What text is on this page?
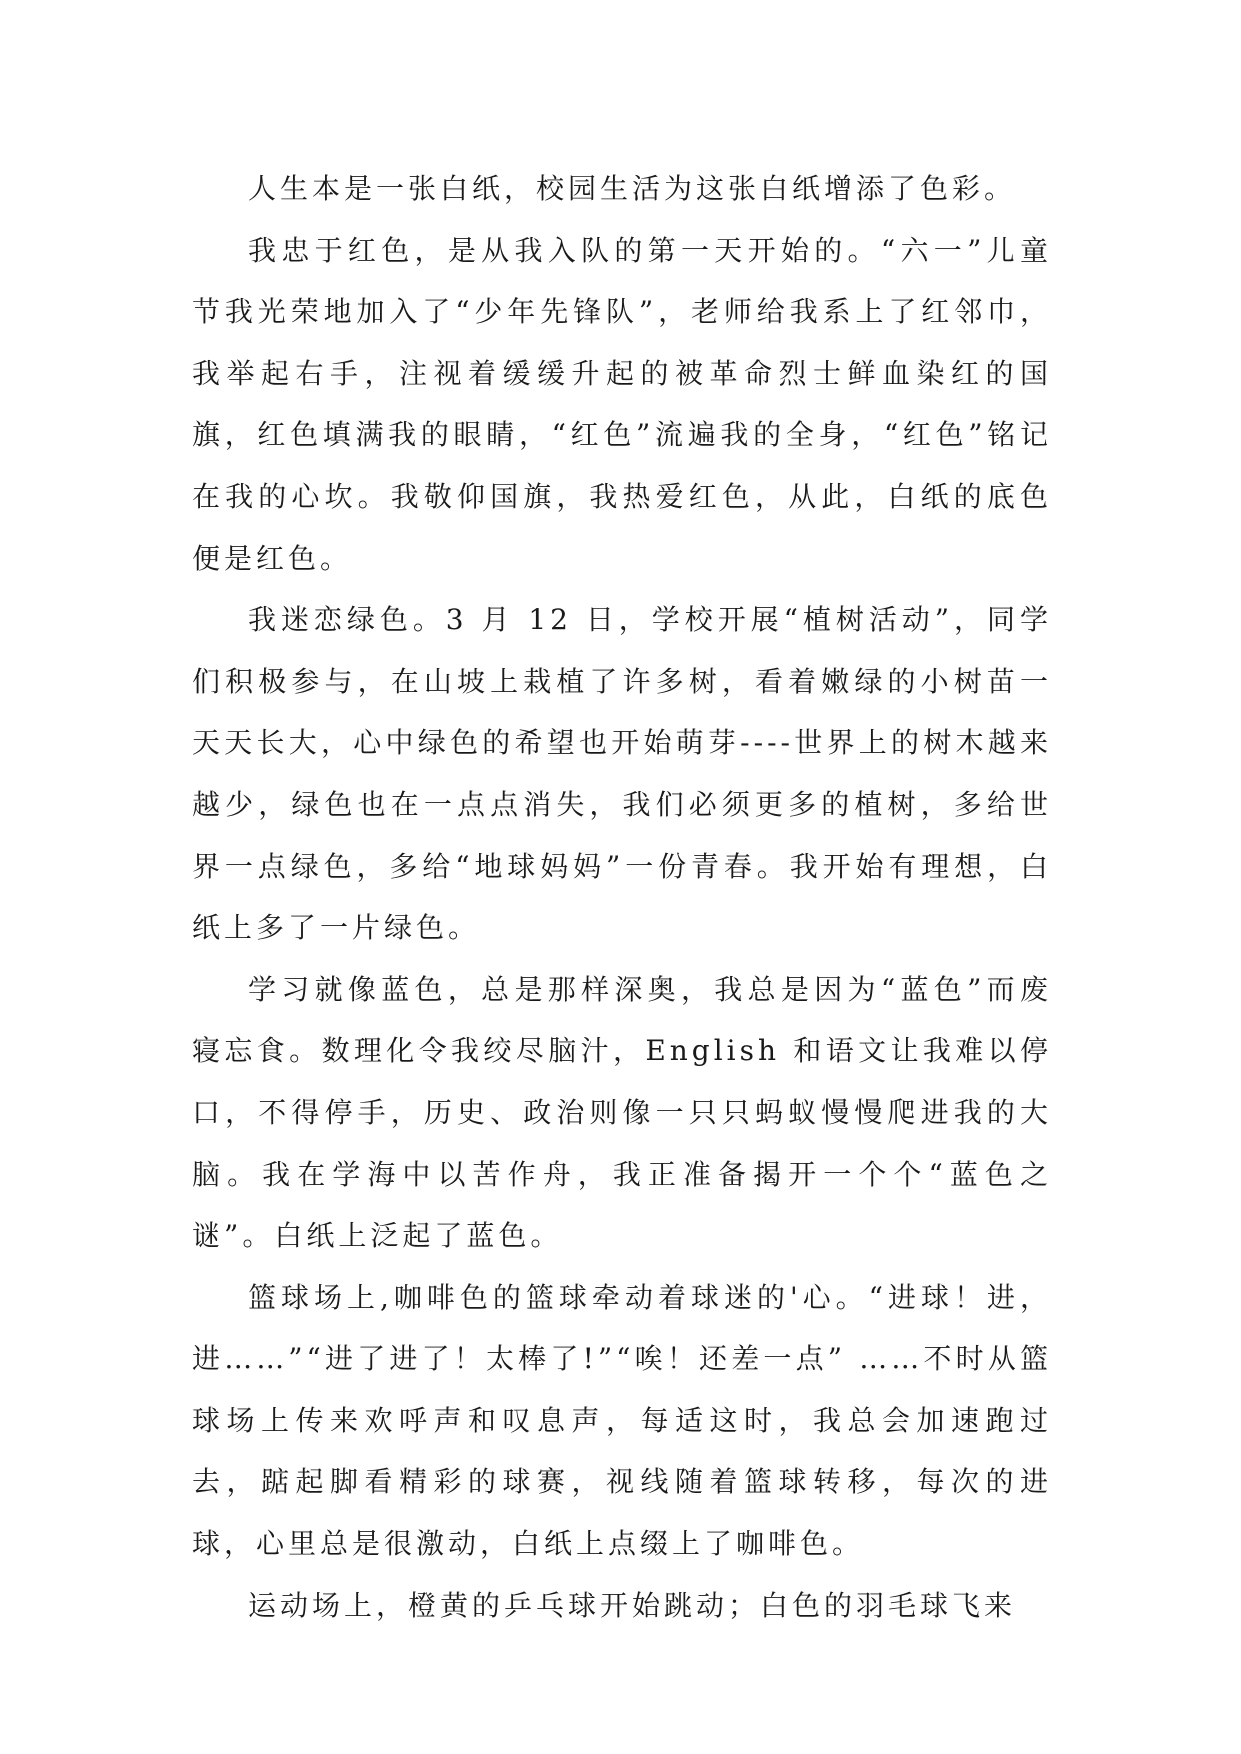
人生本是一张白纸，校园生活为这张白纸增添了色彩。

我忠于红色，是从我入队的第一天开始的。“六一”儿童节我光荣地加入了“少年先锋队”，老师给我系上了红邻巾，我举起右手，注视着缓缓升起的被革命烈士鲜血染红的国旗，红色填满我的眼睛，“红色”流遍我的全身，“红色”铭记在我的心坎。我敬仰国旗，我热爱红色，从此，白纸的底色便是红色。

我迷恋绿色。3 月 12 日，学校开展“植树活动”，同学们积极参与，在山坡上栽植了许多树，看着嫩绿的小树苗一天天长大，心中绿色的希望也开始萌芽----世界上的树木越来越少，绿色也在一点点消失，我们必须更多的植树，多给世界一点绿色，多给“地球妈妈”一份青春。我开始有理想，白纸上多了一片绿色。

学习就像蓝色，总是那样深奥，我总是因为“蓝色”而废寝忘食。数理化令我绞尽脑汁，English 和语文让我难以停口，不得停手，历史、政治则像一只只蚂蚁慢慢爬进我的大脑。我在学海中以苦作舟，我正准备揭开一个个“蓝色之谜”。白纸上泛起了蓝色。

篮球场上,咖啡色的篮球牵动着球迷的'心。“进球！进，进……”“进了进了！太棒了!”“唉！还差一点” ……不时从篮球场上传来欢呼声和叹息声，每适这时，我总会加速跑过去，踮起脚看精彩的球赛，视线随着篮球转移，每次的进球，心里总是很激动，白纸上点缀上了咖啡色。

运动场上，橙黄的乒乓球开始跳动；白色的羽毛球飞来
